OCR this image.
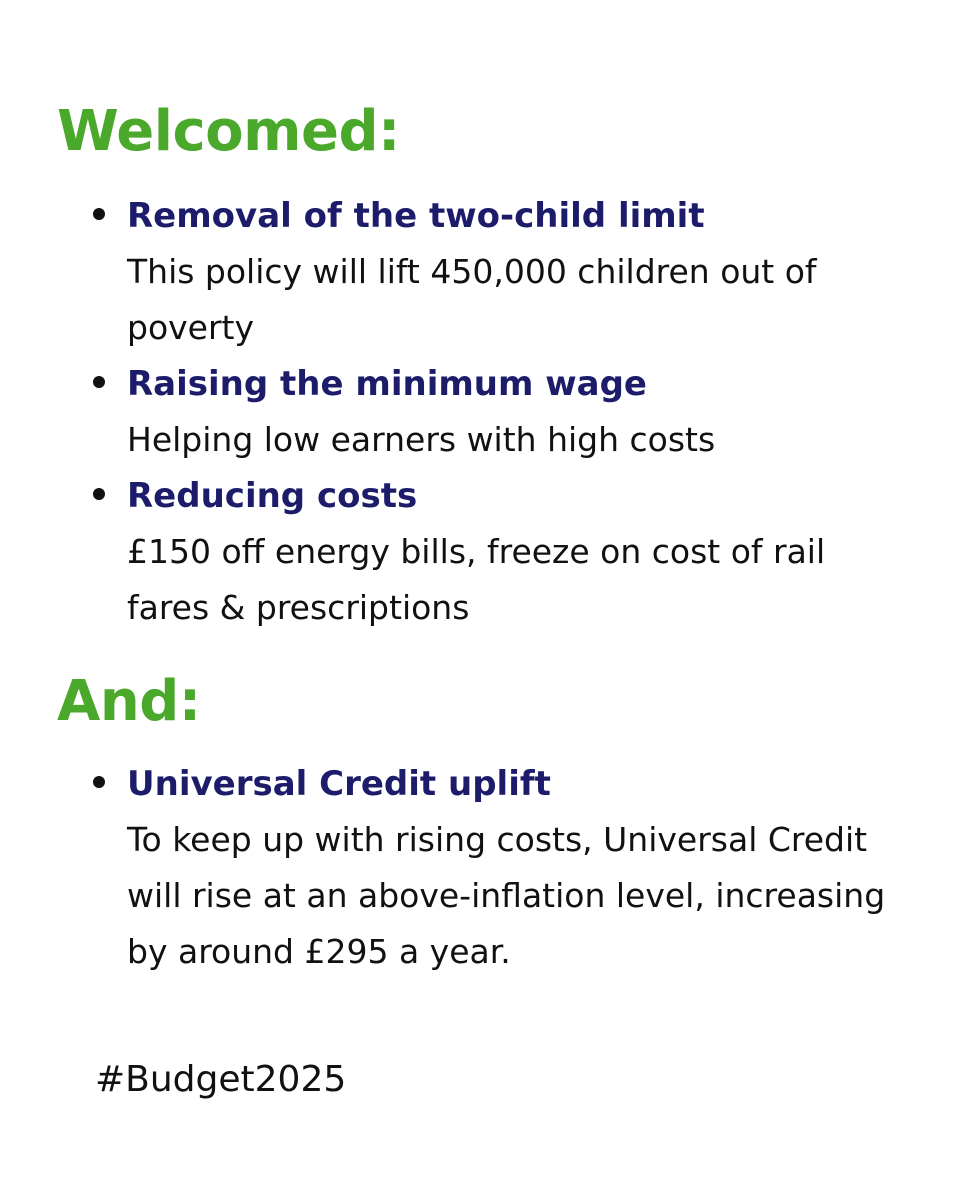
Welcomed:
Removal of the two-child limit
This policy will lift 450,000 children out of poverty
Raising the minimum wage
Helping low earners with high costs
Reducing costs
£150 off energy bills, freeze on cost of rail fares & prescriptions
And:
Universal Credit uplift
To keep up with rising costs, Universal Credit will rise at an above-inflation level, increasing by around £295 a year.

#Budget2025
